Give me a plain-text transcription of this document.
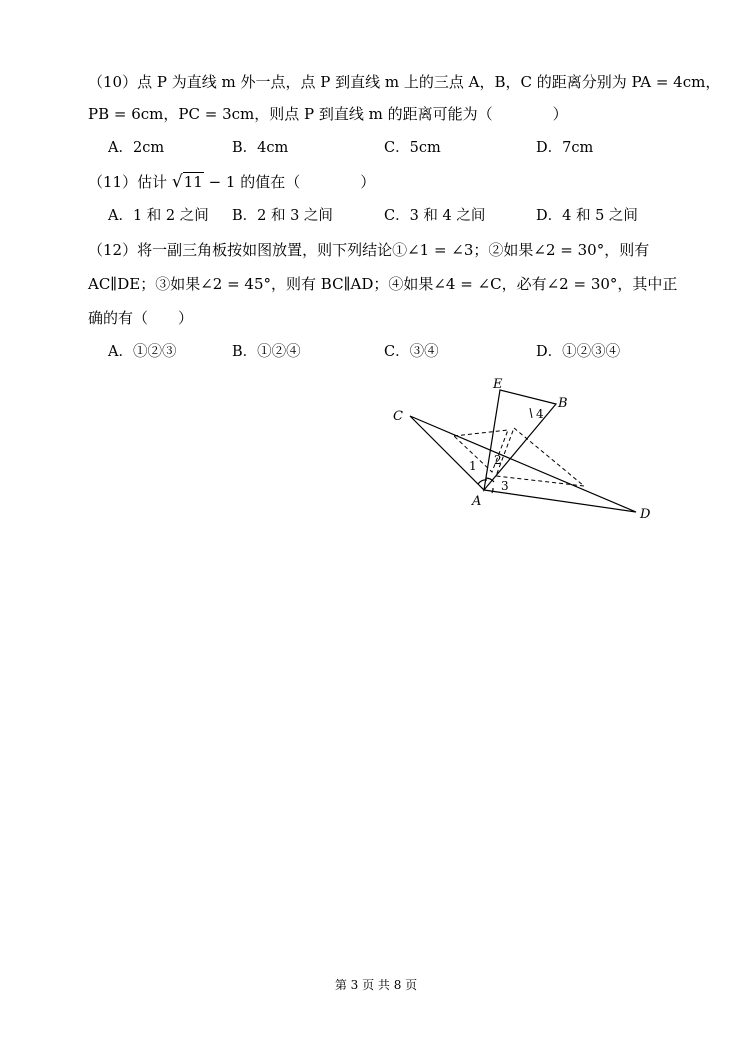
（10）点 P 为直线 m 外一点，点 P 到直线 m 上的三点 A，B，C 的距离分别为 PA = 4cm，
PB = 6cm，PC = 3cm，则点 P 到直线 m 的距离可能为（　　　　）
A．2cm	B．4cm	C．5cm	D．7cm
（11）估计 √11 − 1 的值在（　　　　）
A．1 和 2 之间 B．2 和 3 之间	C．3 和 4 之间	D．4 和 5 之间
（12）将一副三角板按如图放置，则下列结论①∠1 = ∠3；②如果∠2 = 30°，则有
AC∥DE；③如果∠2 = 45°，则有 BC∥AD；④如果∠4 = ∠C，必有∠2 = 30°，其中正
确的有（　　）
A．①②③	B．①②④	C．③④	D．①②③④
E
B
C
A
D
1 2
3
4
第 3 页 共 8 页
